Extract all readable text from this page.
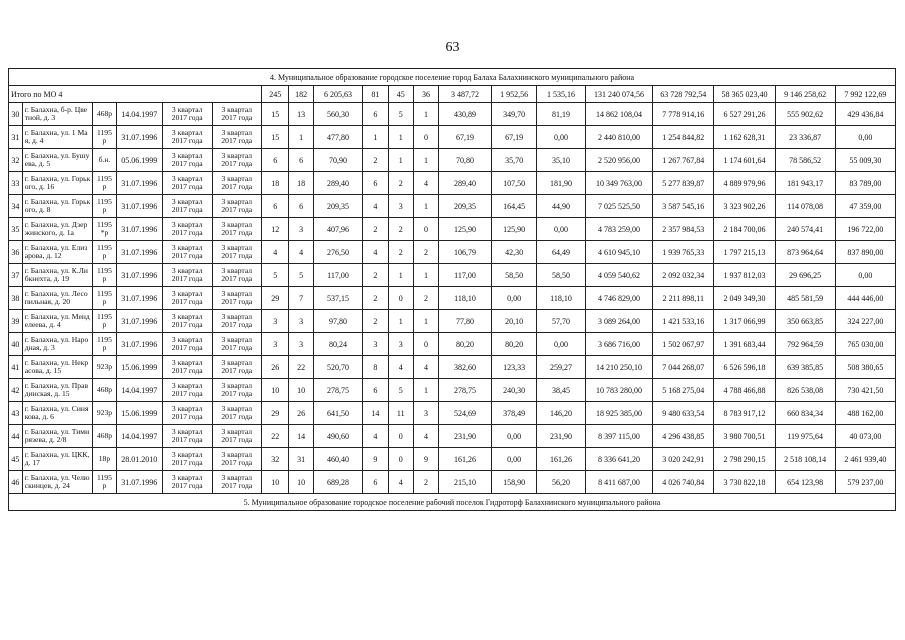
63
4. Муниципальное образование городское поселение город Балаха Балахнинского муниципального района																			
Итого по МО 4						245	182	6 205,63	81	45	36	3 487,72	1 952,56	1 535,16	131 240 074,56	63 728 792,54	58 365 023,40	9 146 258,62	7 992 122,69
30	г. Балахна, б-р. Цветной, д. 3	468р	14.04.1997	3 квартал 2017 года	3 квартал 2017 года	15	13	560,30	6	5	1	430,89	349,70	81,19	14 862 108,04	7 778 914,16	6 527 291,26	555 902,62	429 436,84
31	г. Балахна, ул. 1 Мая, д. 4	1195 р	31.07.1996	3 квартал 2017 года	3 квартал 2017 года	15	1	477,80	1	1	0	67,19	67,19	0,00	2 440 810,00	1 254 844,82	1 162 628,31	23 336,87	0,00
32	г. Балахна, ул. Бушуева, д. 5	б.н.	05.06.1999	3 квартал 2017 года	3 квартал 2017 года	6	6	70,90	2	1	1	70,80	35,70	35,10	2 520 956,00	1 267 767,84	1 174 601,64	78 586,52	55 009,30
33	г. Балахна, ул. Горького, д. 16	1195 р	31.07.1996	3 квартал 2017 года	3 квартал 2017 года	18	18	289,40	6	2	4	289,40	107,50	181,90	10 349 763,00	5 277 839,87	4 889 979,96	181 943,17	83 789,00
34	г. Балахна, ул. Горького, д. 8	1195 р	31.07.1996	3 квартал 2017 года	3 квартал 2017 года	6	6	209,35	4	3	1	209,35	164,45	44,90	7 025 525,50	3 587 545,16	3 323 902,26	114 078,08	47 359,00
35	г. Балахна, ул. Дзержинского, д. 1а	1195 *р	31.07.1996	3 квартал 2017 года	3 квартал 2017 года	12	3	407,96	2	2	0	125,90	125,90	0,00	4 783 259,00	2 357 984,53	2 184 700,06	240 574,41	196 722,00
36	г. Балахна, ул. Елизарова, д. 12	1195 р	31.07.1996	3 квартал 2017 года	3 квартал 2017 года	4	4	276,50	4	2	2	106,79	42,30	64,49	4 610 945,10	1 939 765,33	1 797 215,13	873 964,64	837 890,00
37	г. Балахна, ул. К.Либкнехта, д. 19	1195 р	31.07.1996	3 квартал 2017 года	3 квартал 2017 года	5	5	117,00	2	1	1	117,00	58,50	58,50	4 059 540,62	2 092 032,34	1 937 812,03	29 696,25	0,00
38	г. Балахна, ул. Лесопильная, д. 20	1195 р	31.07.1996	3 квартал 2017 года	3 квартал 2017 года	29	7	537,15	2	0	2	118,10	0,00	118,10	4 746 829,00	2 211 898,11	2 049 349,30	485 581,59	444 446,00
39	г. Балахна, ул. Менделеева, д. 4	1195 р	31.07.1996	3 квартал 2017 года	3 квартал 2017 года	3	3	97,80	2	1	1	77,80	20,10	57,70	3 089 264,00	1 421 533,16	1 317 066,99	350 663,85	324 227,00
40	г. Балахна, ул. Народная, д. 3	1195 р	31.07.1996	3 квартал 2017 года	3 квартал 2017 года	3	3	80,24	3	3	0	80,20	80,20	0,00	3 686 716,00	1 502 067,97	1 391 683,44	792 964,59	765 030,00
41	г. Балахна, ул. Некрасова, д. 15	923р	15.06.1999	3 квартал 2017 года	3 квартал 2017 года	26	22	520,70	8	4	4	382,60	123,33	259,27	14 210 250,10	7 044 268,07	6 526 596,18	639 385,85	508 380,65
42	г. Балахна, ул. Правдинская, д. 15	468р	14.04.1997	3 квартал 2017 года	3 квартал 2017 года	10	10	278,75	6	5	1	278,75	240,30	38,45	10 783 280,00	5 168 275,04	4 788 466,88	826 538,08	730 421,50
43	г. Балахна, ул. Синякова, д. 6	923р	15.06.1999	3 квартал 2017 года	3 квартал 2017 года	29	26	641,50	14	11	3	524,69	378,49	146,20	18 925 385,00	9 480 633,54	8 783 917,12	660 834,34	488 162,00
44	г. Балахна, ул. Тимирязева, д. 2/8	468р	14.04.1997	3 квартал 2017 года	3 квартал 2017 года	22	14	490,60	4	0	4	231,90	0,00	231,90	8 397 115,00	4 296 438,85	3 980 700,51	119 975,64	40 073,00
45	г. Балахна, ул. ЦКК, д. 17	18р	28.01.2010	3 квартал 2017 года	3 квартал 2017 года	32	31	460,40	9	0	9	161,26	0,00	161,26	8 336 641,20	3 020 242,91	2 798 290,15	2 518 108,14	2 461 939,40
46	г. Балахна, ул. Челюскинцев, д. 24	1195 р	31.07.1996	3 квартал 2017 года	3 квартал 2017 года	10	10	689,28	6	4	2	215,10	158,90	56,20	8 411 687,00	4 026 740,84	3 730 822,18	654 123,98	579 237,00
5. Муниципальное образование городское поселение рабочий поселок Гидроторф Балахнинского муниципального района																			
